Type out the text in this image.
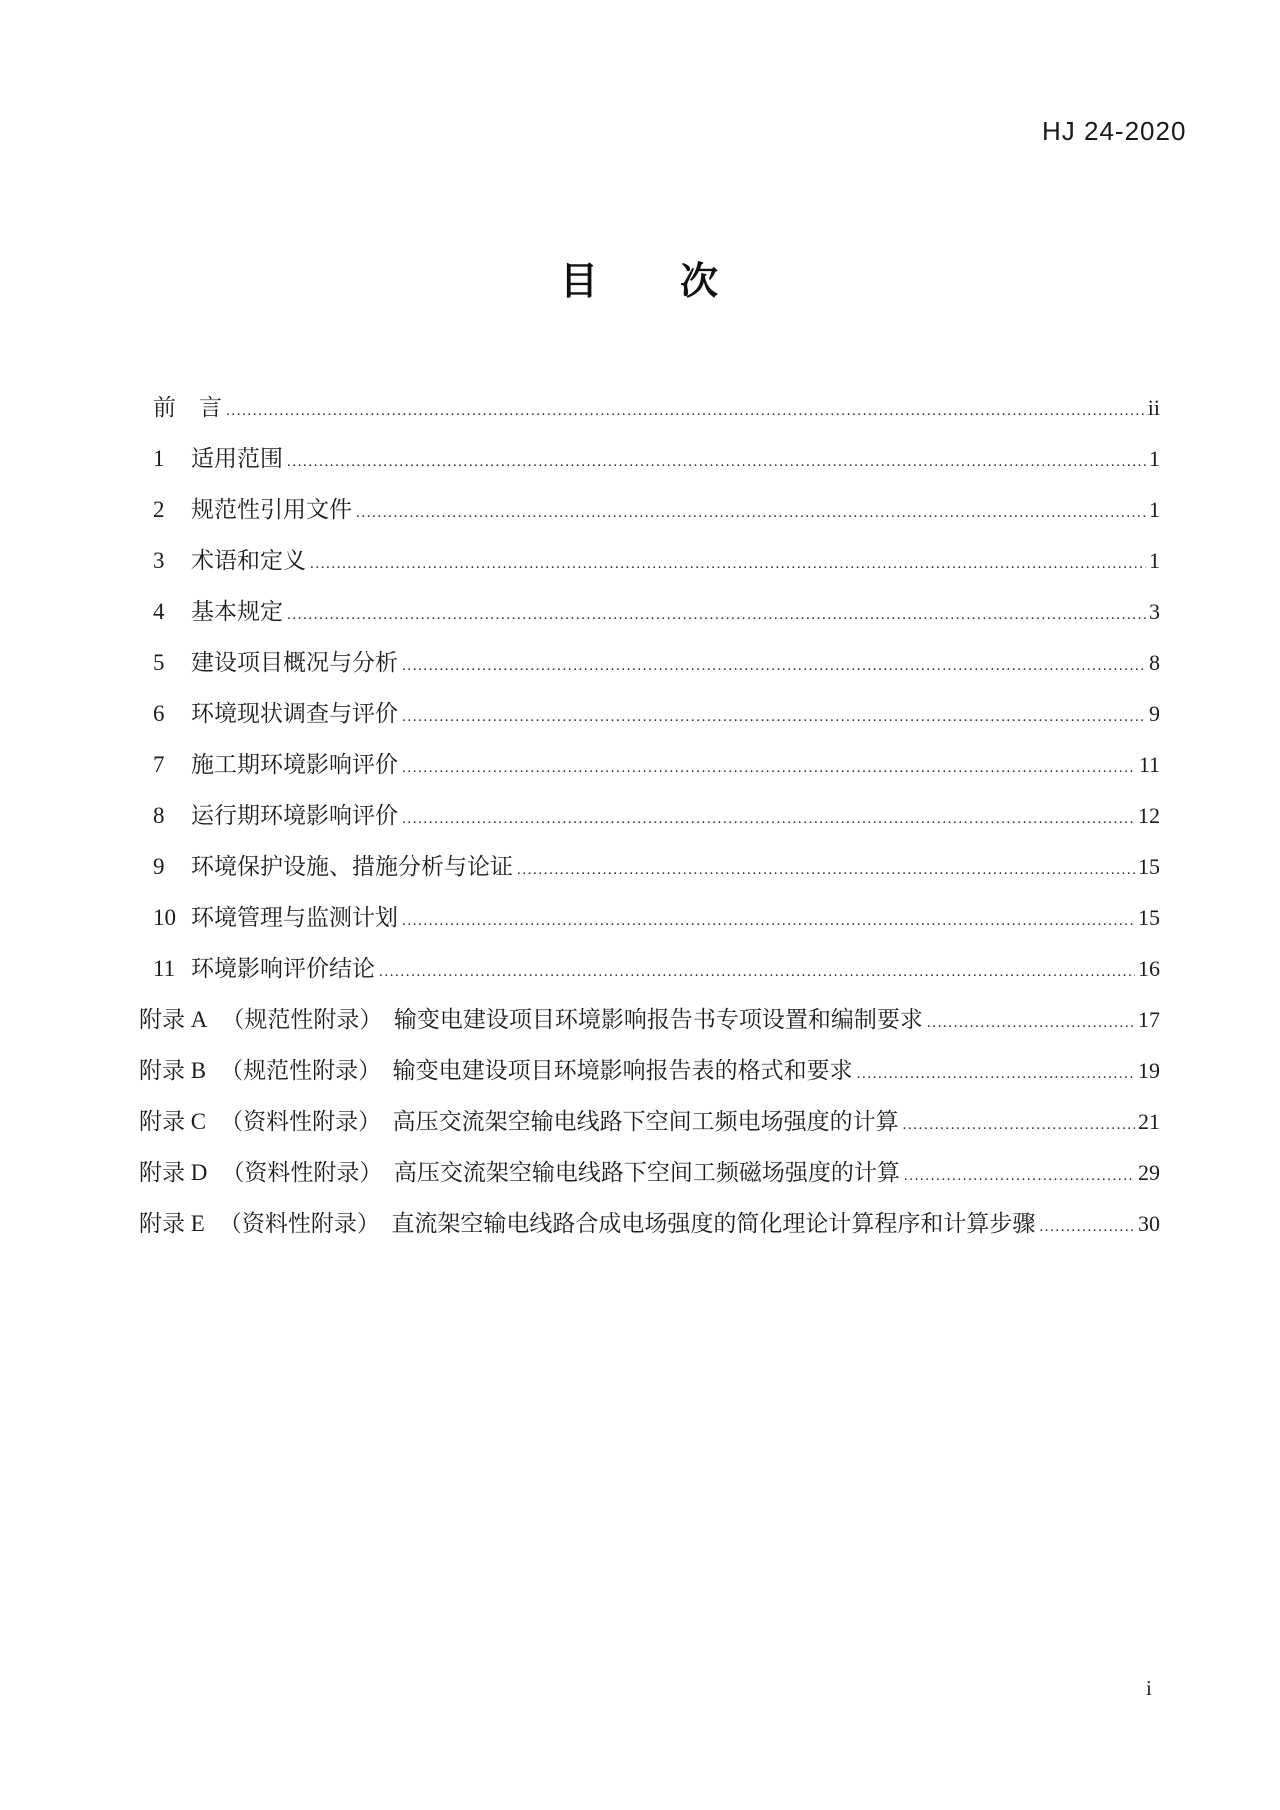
HJ 24-2020
目　　次
前　言 .....	ii
1	适用范围 .....	1
2	规范性引用文件 .....	1
3	术语和定义 .....	1
4	基本规定 .....	3
5	建设项目概况与分析 .....	8
6	环境现状调查与评价 .....	9
7	施工期环境影响评价 .....	11
8	运行期环境影响评价 .....	12
9	环境保护设施、措施分析与论证 .....	15
10 环境管理与监测计划 .....	15
11 环境影响评价结论 .....	16
附录 A （规范性附录）　输变电建设项目环境影响报告书专项设置和编制要求 .....	17
附录 B （规范性附录）　输变电建设项目环境影响报告表的格式和要求 .....	19
附录 C （资料性附录）　高压交流架空输电线路下空间工频电场强度的计算 .....	21
附录 D （资料性附录）　高压交流架空输电线路下空间工频磁场强度的计算 .....	29
附录 E （资料性附录）　直流架空输电线路合成电场强度的简化理论计算程序和计算步骤 .....	30
i
